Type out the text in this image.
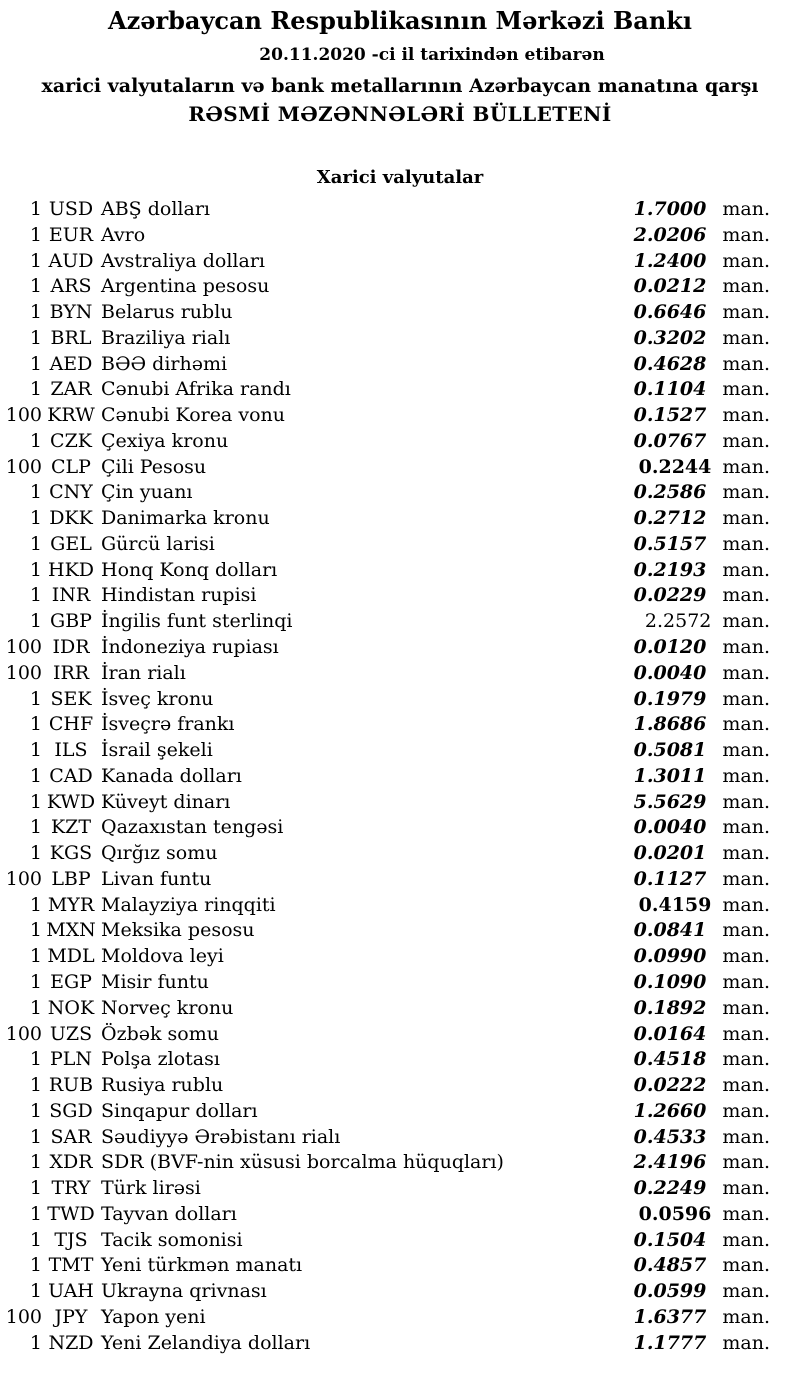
Azərbaycan Respublikasının Mərkəzi Bankı
20.11.2020 -ci il tarixindən etibarən
xarici valyutaların və bank metallarının Azərbaycan manatına qarşı
RƏSMİ MƏZƏNNƏLƏRİ BÜLLETENİ
Xarici valyutalar
1 USD ABŞ dolları	1.7000 man.
1 EUR Avro	2.0206 man.
1 AUD Avstraliya dolları	1.2400 man.
1 ARS Argentina pesosu	0.0212 man.
1 BYN Belarus rublu	0.6646 man.
1 BRL Braziliya rialı	0.3202 man.
1 AED BƏƏ dirhəmi	0.4628 man.
1 ZAR Cənubi Afrika randı	0.1104 man.
100 KRW Cənubi Korea vonu	0.1527 man.
1 CZK Çexiya kronu	0.0767 man.
100 CLP Çili Pesosu	0.2244 man.
1 CNY Çin yuanı	0.2586 man.
1 DKK Danimarka kronu	0.2712 man.
1 GEL Gürcü larisi	0.5157 man.
1 HKD Honq Konq dolları	0.2193 man.
1 INR Hindistan rupisi	0.0229 man.
1 GBP İngilis funt sterlinqi	2.2572 man.
100 IDR İndoneziya rupiası	0.0120 man.
100 IRR İran rialı	0.0040 man.
1 SEK İsveç kronu	0.1979 man.
1 CHF İsveçrə frankı	1.8686 man.
1 ILS İsrail şekeli	0.5081 man.
1 CAD Kanada dolları	1.3011 man.
1 KWD Küveyt dinarı	5.5629 man.
1 KZT Qazaxıstan tengəsi	0.0040 man.
1 KGS Qırğız somu	0.0201 man.
100 LBP Livan funtu	0.1127 man.
1 MYR Malayziya rinqqiti	0.4159 man.
1 MXN Meksika pesosu	0.0841 man.
1 MDL Moldova leyi	0.0990 man.
1 EGP Misir funtu	0.1090 man.
1 NOK Norveç kronu	0.1892 man.
100 UZS Özbək somu	0.0164 man.
1 PLN Polşa zlotası	0.4518 man.
1 RUB Rusiya rublu	0.0222 man.
1 SGD Sinqapur dolları	1.2660 man.
1 SAR Səudiyyə Ərəbistanı rialı	0.4533 man.
1 XDR SDR (BVF-nin xüsusi borcalma hüquqları)	2.4196 man.
1 TRY Türk lirəsi	0.2249 man.
1 TWD Tayvan dolları	0.0596 man.
1 TJS Tacik somonisi	0.1504 man.
1 TMT Yeni türkmən manatı	0.4857 man.
1 UAH Ukrayna qrivnası	0.0599 man.
100 JPY Yapon yeni	1.6377 man.
1 NZD Yeni Zelandiya dolları	1.1777 man.
